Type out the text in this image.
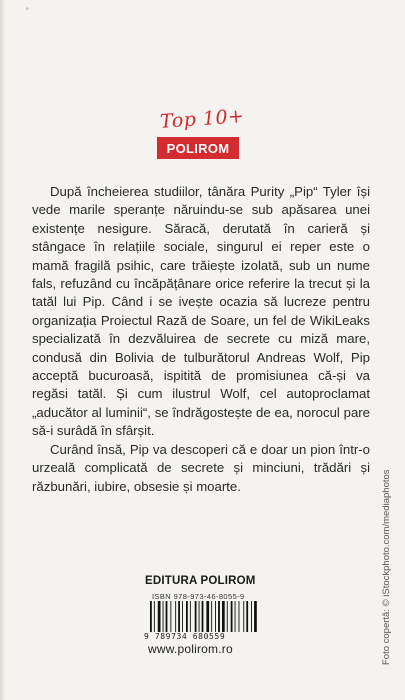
˚
Top 10+
POLIROM

După încheierea studiilor, tânăra Purity „Pip“ Tyler își vede marile speranțe năruindu-se sub apăsarea unei existențe nesigure. Săracă, derutată în carieră și stângace în relațiile sociale, singurul ei reper este o mamă fragilă psihic, care trăiește izolată, sub un nume fals, refuzând cu încăpățânare orice referire la trecut și la tatăl lui Pip. Când i se ivește ocazia să lucreze pentru organizația Proiectul Rază de Soare, un fel de WikiLeaks specializată în dezvăluirea de secrete cu miză mare, condusă din Bolivia de tulburătorul Andreas Wolf, Pip acceptă bucuroasă, ispitită de promisiunea că-și va regăsi tatăl. Și cum ilustrul Wolf, cel autoproclamat „aducător al luminii“, se îndrăgostește de ea, norocul pare să-i surâdă în sfârșit.

Curând însă, Pip va descoperi că e doar un pion într-o urzeală complicată de secrete și minciuni, trădări și răzbunări, iubire, obsesie și moarte.	Foto copertă: © iStockphoto.com/mediaphotos
EDITURA POLIROM
ISBN 978-973-46-8055-9
9 789734 680559
www.polirom.ro
